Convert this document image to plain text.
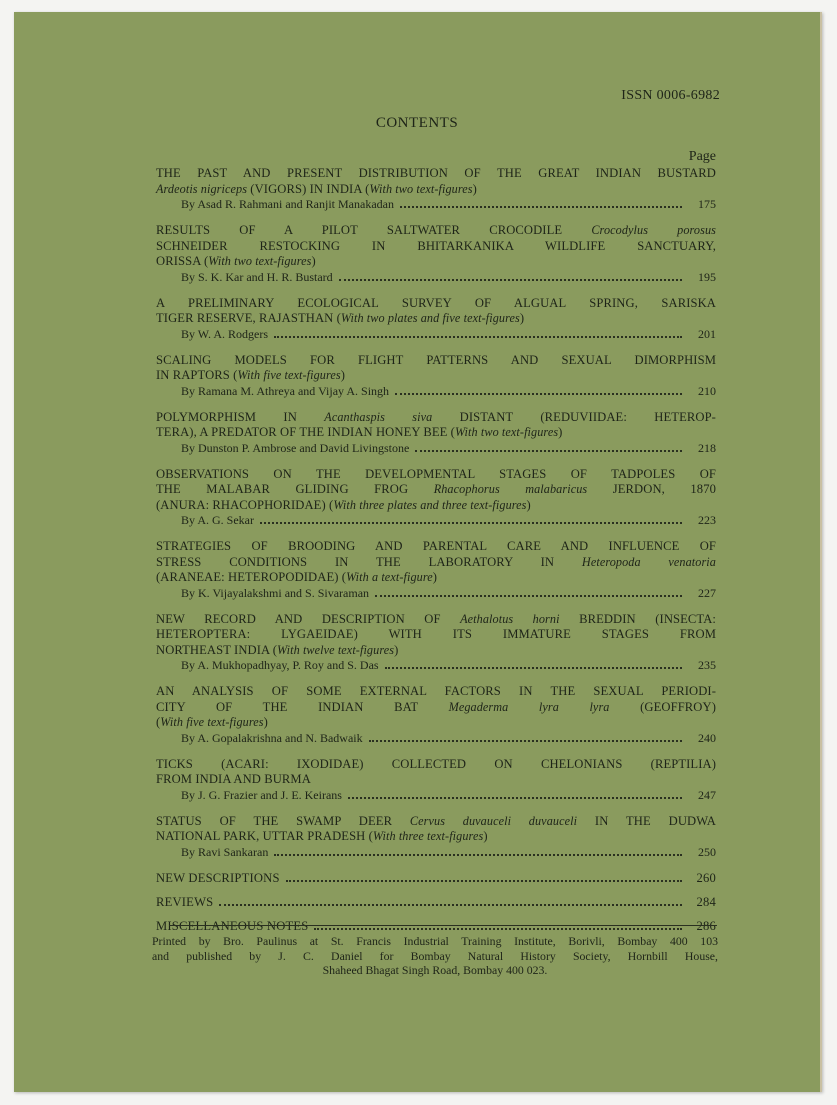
ISSN 0006-6982
CONTENTS
Page
THE PAST AND PRESENT DISTRIBUTION OF THE GREAT INDIAN BUSTARD
Ardeotis nigriceps (VIGORS) IN INDIA (With two text-figures)
By Asad R. Rahmani and Ranjit Manakadan	175
RESULTS OF A PILOT SALTWATER CROCODILE Crocodylus porosus
SCHNEIDER RESTOCKING IN BHITARKANIKA WILDLIFE SANCTUARY,
ORISSA (With two text-figures)
By S. K. Kar and H. R. Bustard	195
A PRELIMINARY ECOLOGICAL SURVEY OF ALGUAL SPRING, SARISKA
TIGER RESERVE, RAJASTHAN (With two plates and five text-figures)
By W. A. Rodgers	201
SCALING MODELS FOR FLIGHT PATTERNS AND SEXUAL DIMORPHISM
IN RAPTORS (With five text-figures)
By Ramana M. Athreya and Vijay A. Singh	210
POLYMORPHISM IN Acanthaspis siva DISTANT (REDUVIIDAE: HETEROP-
TERA), A PREDATOR OF THE INDIAN HONEY BEE (With two text-figures)
By Dunston P. Ambrose and David Livingstone	218
OBSERVATIONS ON THE DEVELOPMENTAL STAGES OF TADPOLES OF
THE MALABAR GLIDING FROG Rhacophorus malabaricus JERDON, 1870
(ANURA: RHACOPHORIDAE) (With three plates and three text-figures)
By A. G. Sekar	223
STRATEGIES OF BROODING AND PARENTAL CARE AND INFLUENCE OF
STRESS CONDITIONS IN THE LABORATORY IN Heteropoda venatoria
(ARANEAE: HETEROPODIDAE) (With a text-figure)
By K. Vijayalakshmi and S. Sivaraman	227
NEW RECORD AND DESCRIPTION OF Aethalotus horni BREDDIN (INSECTA:
HETEROPTERA: LYGAEIDAE) WITH ITS IMMATURE STAGES FROM
NORTHEAST INDIA (With twelve text-figures)
By A. Mukhopadhyay, P. Roy and S. Das	235
AN ANALYSIS OF SOME EXTERNAL FACTORS IN THE SEXUAL PERIODI-
CITY OF THE INDIAN BAT Megaderma lyra lyra (GEOFFROY)
(With five text-figures)
By A. Gopalakrishna and N. Badwaik	240
TICKS (ACARI: IXODIDAE) COLLECTED ON CHELONIANS (REPTILIA)
FROM INDIA AND BURMA
By J. G. Frazier and J. E. Keirans	247
STATUS OF THE SWAMP DEER Cervus duvauceli duvauceli IN THE DUDWA
NATIONAL PARK, UTTAR PRADESH (With three text-figures)
By Ravi Sankaran	250
NEW DESCRIPTIONS	260
REVIEWS	284
MISCELLANEOUS NOTES	286
Printed by Bro. Paulinus at St. Francis Industrial Training Institute, Borivli, Bombay 400 103
and published by J. C. Daniel for Bombay Natural History Society, Hornbill House,
Shaheed Bhagat Singh Road, Bombay 400 023.
